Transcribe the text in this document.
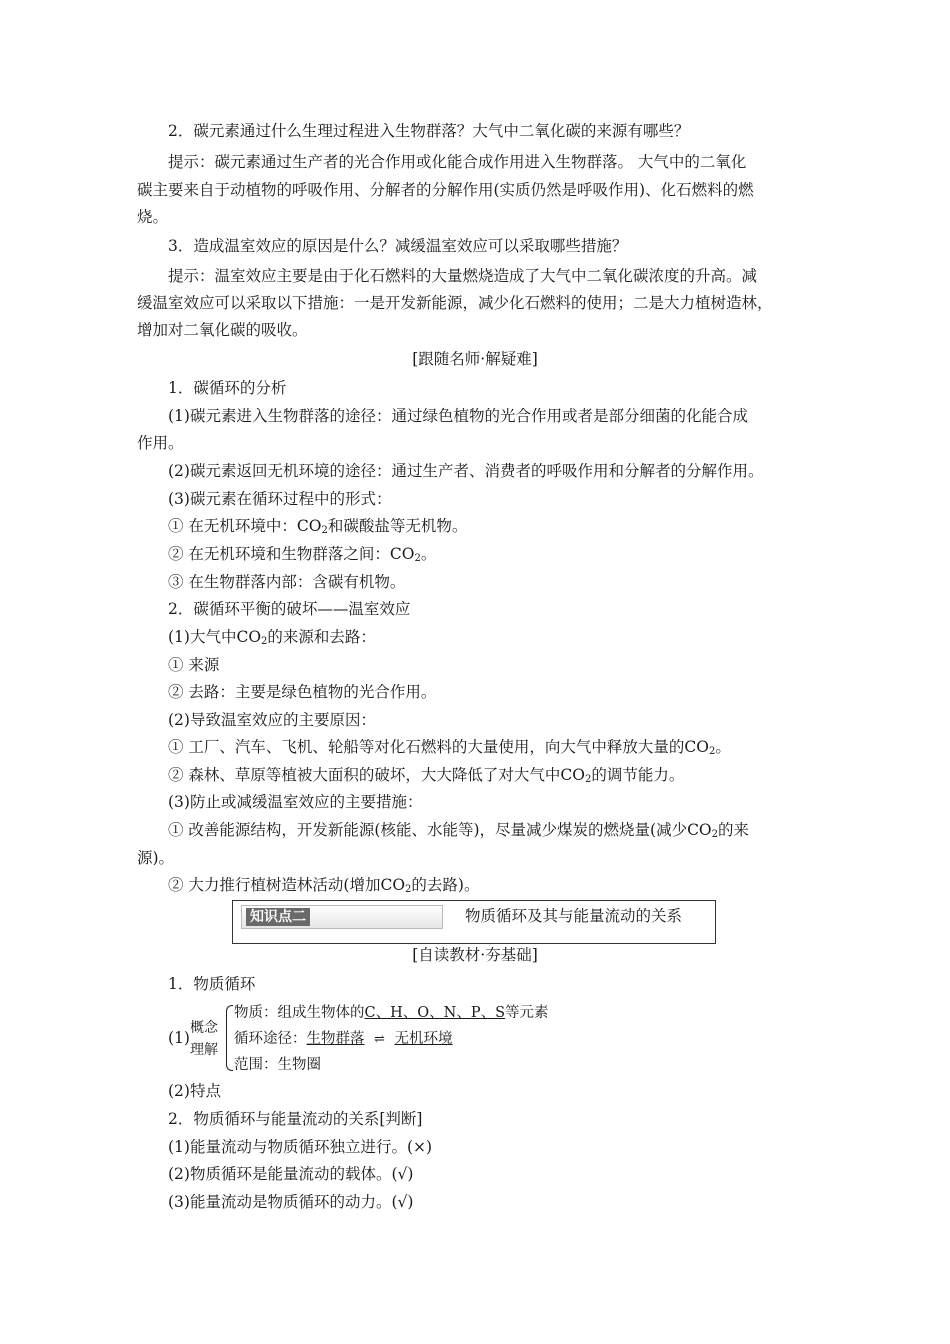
2．碳元素通过什么生理过程进入生物群落？大气中二氧化碳的来源有哪些？
提示：碳元素通过生产者的光合作用或化能合成作用进入生物群落。 大气中的二氧化
碳主要来自于动植物的呼吸作用、分解者的分解作用(实质仍然是呼吸作用)、化石燃料的燃
烧。
3．造成温室效应的原因是什么？减缓温室效应可以采取哪些措施？
提示：温室效应主要是由于化石燃料的大量燃烧造成了大气中二氧化碳浓度的升高。减
缓温室效应可以采取以下措施：一是开发新能源，减少化石燃料的使用；二是大力植树造林，
增加对二氧化碳的吸收。
[跟随名师·解疑难]
1．碳循环的分析
(1)碳元素进入生物群落的途径：通过绿色植物的光合作用或者是部分细菌的化能合成
作用。
(2)碳元素返回无机环境的途径：通过生产者、消费者的呼吸作用和分解者的分解作用。
(3)碳元素在循环过程中的形式：
① 在无机环境中：$CO_2$和碳酸盐等无机物。
② 在无机环境和生物群落之间：$CO_2$。
③ 在生物群落内部：含碳有机物。
2．碳循环平衡的破坏——温室效应
(1)大气中$CO_2$的来源和去路：
① 来源
② 去路：主要是绿色植物的光合作用。
(2)导致温室效应的主要原因：
① 工厂、汽车、飞机、轮船等对化石燃料的大量使用，向大气中释放大量的$CO_2$。
② 森林、草原等植被大面积的破坏，大大降低了对大气中$CO_2$的调节能力。
(3)防止或减缓温室效应的主要措施：
① 改善能源结构，开发新能源(核能、水能等)，尽量减少煤炭的燃烧量(减少$CO_2$的来
源)。
② 大力推行植树造林活动(增加$CO_2$的去路)。
知识点二	物质循环及其与能量流动的关系
[自读教材·夯基础]
1．物质循环
(1)
概念
理解
物质：组成生物体的C、H、O、N、P、S等元素
循环途径：生物群落 ⇌ 无机环境
范围：生物圈
(2)特点
2．物质循环与能量流动的关系[判断]
(1)能量流动与物质循环独立进行。(×)
(2)物质循环是能量流动的载体。(√)
(3)能量流动是物质循环的动力。(√)
